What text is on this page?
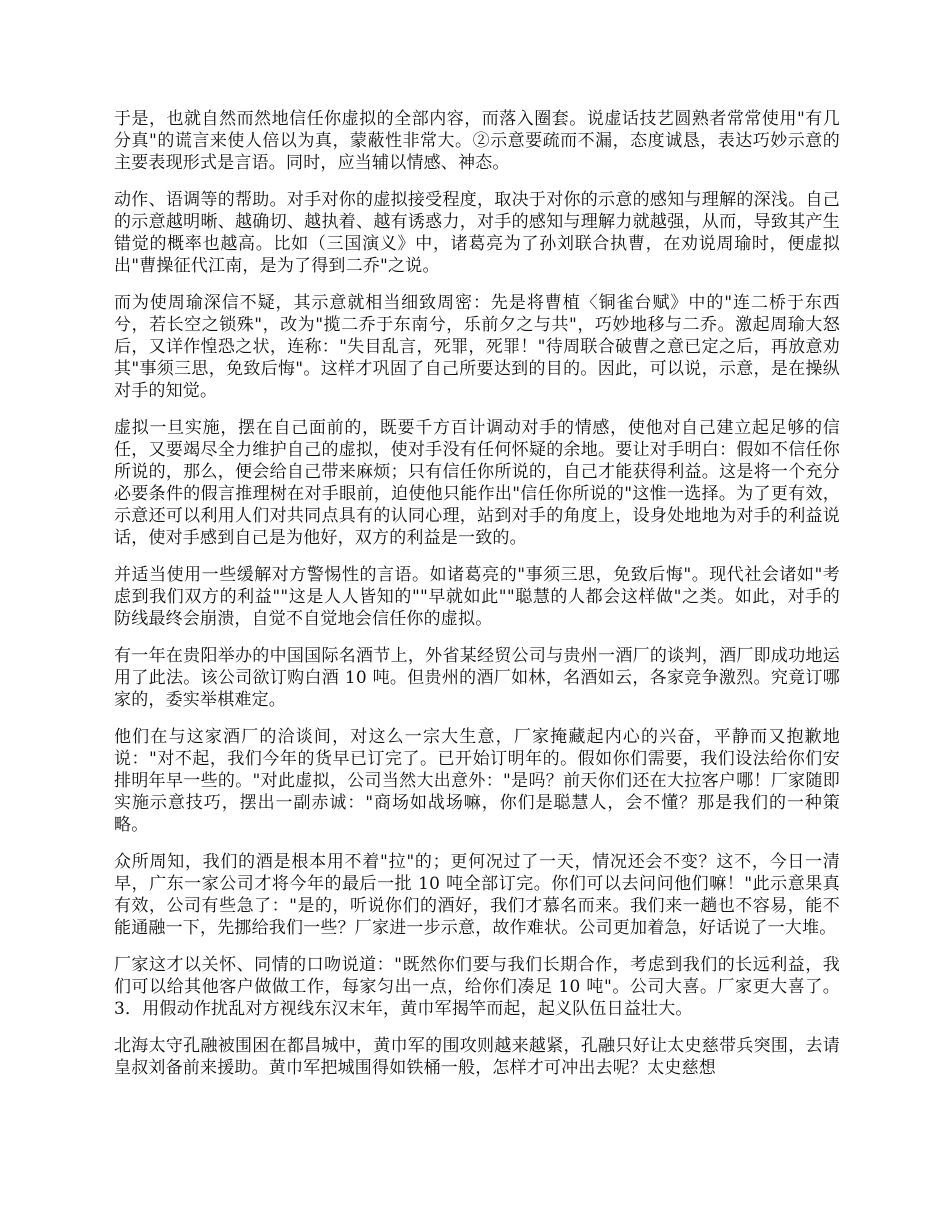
于是，也就自然而然地信任你虚拟的全部内容，而落入圈套。说虚话技艺圆熟者常常使用"有几分真"的谎言来使人倍以为真，蒙蔽性非常大。②示意要疏而不漏，态度诚恳，表达巧妙示意的主要表现形式是言语。同时，应当辅以情感、神态。

动作、语调等的帮助。对手对你的虚拟接受程度，取决于对你的示意的感知与理解的深浅。自己的示意越明晰、越确切、越执着、越有诱惑力，对手的感知与理解力就越强，从而，导致其产生错觉的概率也越高。比如（三国演义》中，诸葛亮为了孙刘联合执曹，在劝说周瑜时，便虚拟出"曹操征代江南，是为了得到二乔"之说。

而为使周瑜深信不疑，其示意就相当细致周密：先是将曹植〈铜雀台赋》中的"连二桥于东西兮，若长空之锁殊"，改为"揽二乔于东南兮，乐前夕之与共"，巧妙地移与二乔。激起周瑜大怒后，又详作惶恐之状，连称："失目乱言，死罪，死罪！"待周联合破曹之意已定之后，再放意劝其"事须三思，免致后悔"。这样才巩固了自己所要达到的目的。因此，可以说，示意，是在操纵对手的知觉。

虚拟一旦实施，摆在自己面前的，既要千方百计调动对手的情感，使他对自己建立起足够的信任，又要竭尽全力维护自己的虚拟，使对手没有任何怀疑的余地。要让对手明白：假如不信任你所说的，那么，便会给自己带来麻烦；只有信任你所说的，自己才能获得利益。这是将一个充分必要条件的假言推理树在对手眼前，迫使他只能作出"信任你所说的"这惟一选择。为了更有效，示意还可以利用人们对共同点具有的认同心理，站到对手的角度上，设身处地地为对手的利益说话，使对手感到自己是为他好，双方的利益是一致的。

并适当使用一些缓解对方警惕性的言语。如诸葛亮的"事须三思，免致后悔"。现代社会诸如"考虑到我们双方的利益""这是人人皆知的""早就如此""聪慧的人都会这样做"之类。如此，对手的防线最终会崩溃，自觉不自觉地会信任你的虚拟。

有一年在贵阳举办的中国国际名酒节上，外省某经贸公司与贵州一酒厂的谈判，酒厂即成功地运用了此法。该公司欲订购白酒 10 吨。但贵州的酒厂如林，名酒如云，各家竞争激烈。究竟订哪家的，委实举棋难定。

他们在与这家酒厂的洽谈间，对这么一宗大生意，厂家掩藏起内心的兴奋，平静而又抱歉地说："对不起，我们今年的货早已订完了。已开始订明年的。假如你们需要，我们设法给你们安排明年早一些的。"对此虚拟，公司当然大出意外："是吗？前天你们还在大拉客户哪！厂家随即实施示意技巧，摆出一副赤诚："商场如战场嘛，你们是聪慧人，会不懂？那是我们的一种策略。

众所周知，我们的酒是根本用不着"拉"的；更何况过了一天，情况还会不变？这不，今日一清早，广东一家公司才将今年的最后一批 10 吨全部订完。你们可以去问问他们嘛！"此示意果真有效，公司有些急了："是的，听说你们的酒好，我们才慕名而来。我们来一趟也不容易，能不能通融一下，先挪给我们一些？厂家进一步示意，故作难状。公司更加着急，好话说了一大堆。

厂家这才以关怀、同情的口吻说道："既然你们要与我们长期合作，考虑到我们的长远利益，我们可以给其他客户做做工作，每家匀出一点，给你们凑足 10 吨"。公司大喜。厂家更大喜了。3．用假动作扰乱对方视线东汉末年，黄巾军揭竿而起，起义队伍日益壮大。

北海太守孔融被围困在都昌城中，黄巾军的围攻则越来越紧，孔融只好让太史慈带兵突围，去请皇叔刘备前来援助。黄巾军把城围得如铁桶一般，怎样才可冲出去呢？太史慈想
